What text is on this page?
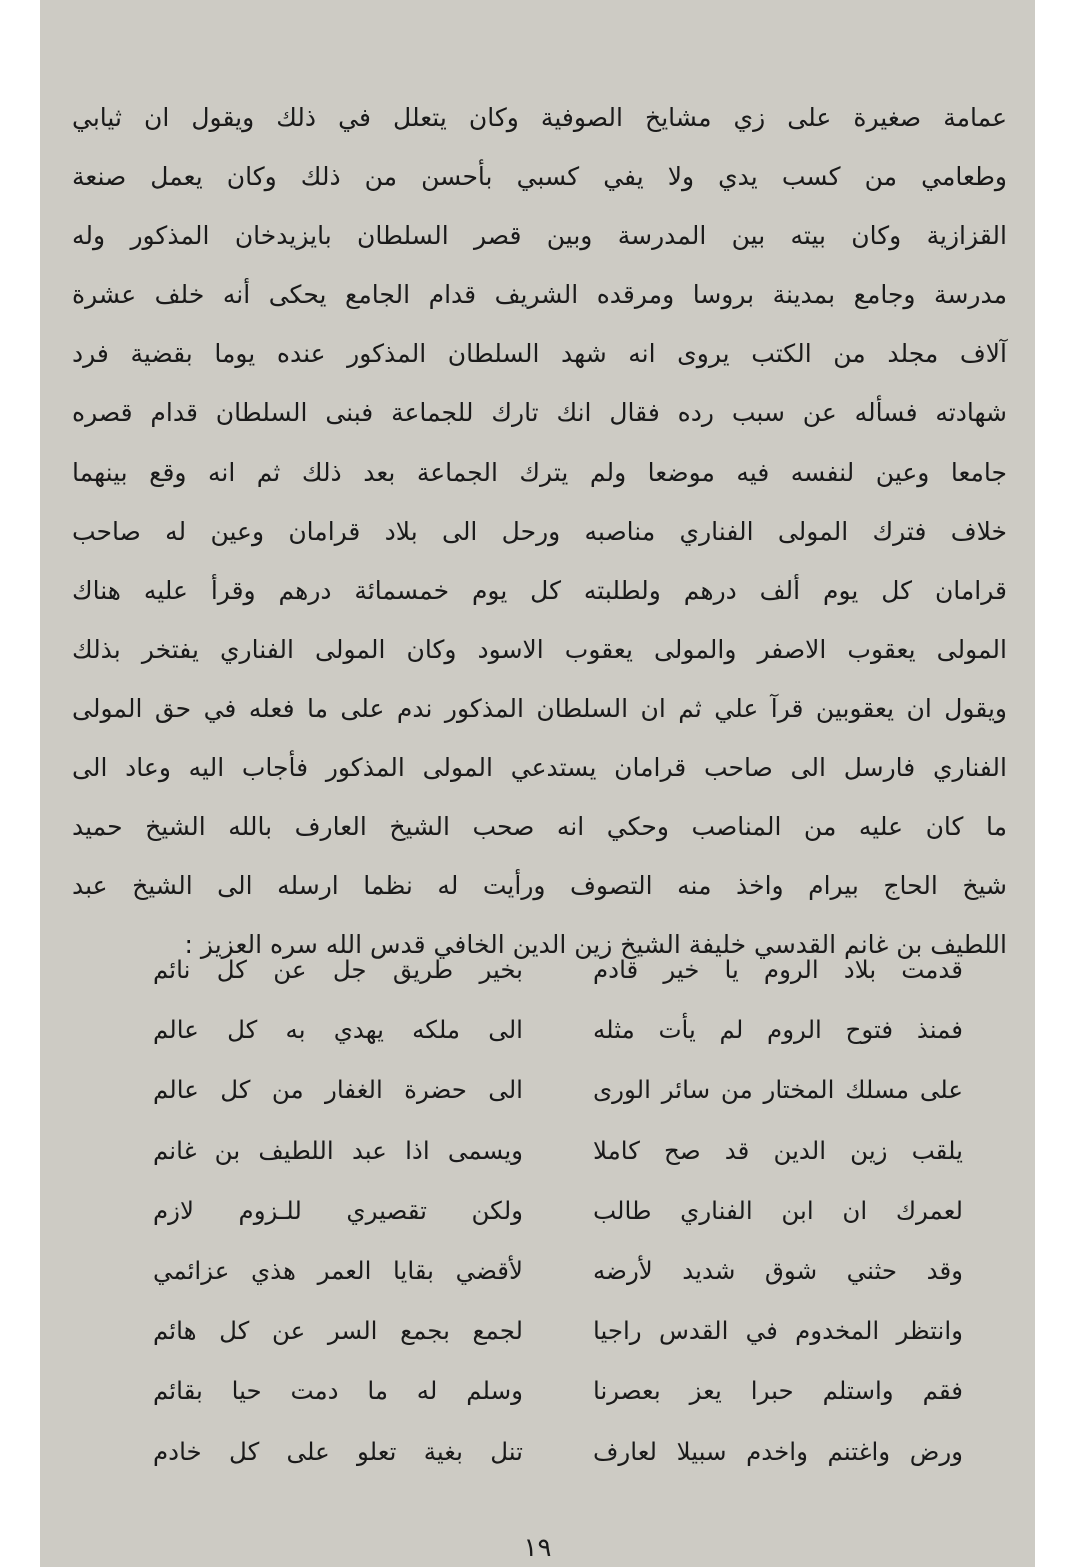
عمامة صغيرة على زي مشايخ الصوفية وكان يتعلل في ذلك ويقول ان ثيابي
وطعامي من كسب يدي ولا يفي كسبي بأحسن من ذلك وكان يعمل صنعة
القزازية وكان بيته بين المدرسة وبين قصر السلطان بايزيدخان المذكور وله
مدرسة وجامع بمدينة بروسا ومرقده الشريف قدام الجامع يحكى أنه خلف عشرة
آلاف مجلد من الكتب يروى انه شهد السلطان المذكور عنده يوما بقضية فرد
شهادته فسأله عن سبب رده فقال انك تارك للجماعة فبنى السلطان قدام قصره
جامعا وعين لنفسه فيه موضعا ولم يترك الجماعة بعد ذلك ثم انه وقع بينهما
خلاف فترك المولى الفناري مناصبه ورحل الى بلاد قرامان وعين له صاحب
قرامان كل يوم ألف درهم ولطلبته كل يوم خمسمائة درهم وقرأ عليه هناك
المولى يعقوب الاصفر والمولى يعقوب الاسود وكان المولى الفناري يفتخر بذلك
ويقول ان يعقوبين قرآ علي ثم ان السلطان المذكور ندم على ما فعله في حق المولى
الفناري فارسل الى صاحب قرامان يستدعي المولى المذكور فأجاب اليه وعاد الى
ما كان عليه من المناصب وحكي انه صحب الشيخ العارف بالله الشيخ حميد
شيخ الحاج بيرام واخذ منه التصوف ورأيت له نظما ارسله الى الشيخ عبد
اللطيف بن غانم القدسي خليفة الشيخ زين الدين الخافي قدس الله سره العزيز :
قدمت بلاد الروم يا خير قادم
بخير طريق جل عن كل نائم
فمنذ فتوح الروم لم يأت مثله
الى ملكه يهدي به كل عالم
على مسلك المختار من سائر الورى
الى حضرة الغفار من كل عالم
يلقب زين الدين قد صح كاملا
ويسمى اذا عبد اللطيف بن غانم
لعمرك ان ابن الفناري طالب
ولكن تقصيري للـزوم لازم
وقد حثني شوق شديد لأرضه
لأقضي بقايا العمر هذي عزائمي
وانتظر المخدوم في القدس راجيا
لجمع بجمع السر عن كل هائم
فقم واستلم حبرا يعز بعصرنا
وسلم له ما دمت حيا بقائم
ورض واغتنم واخدم سبيلا لعارف
تنل بغية تعلو على كل خادم
١٩
